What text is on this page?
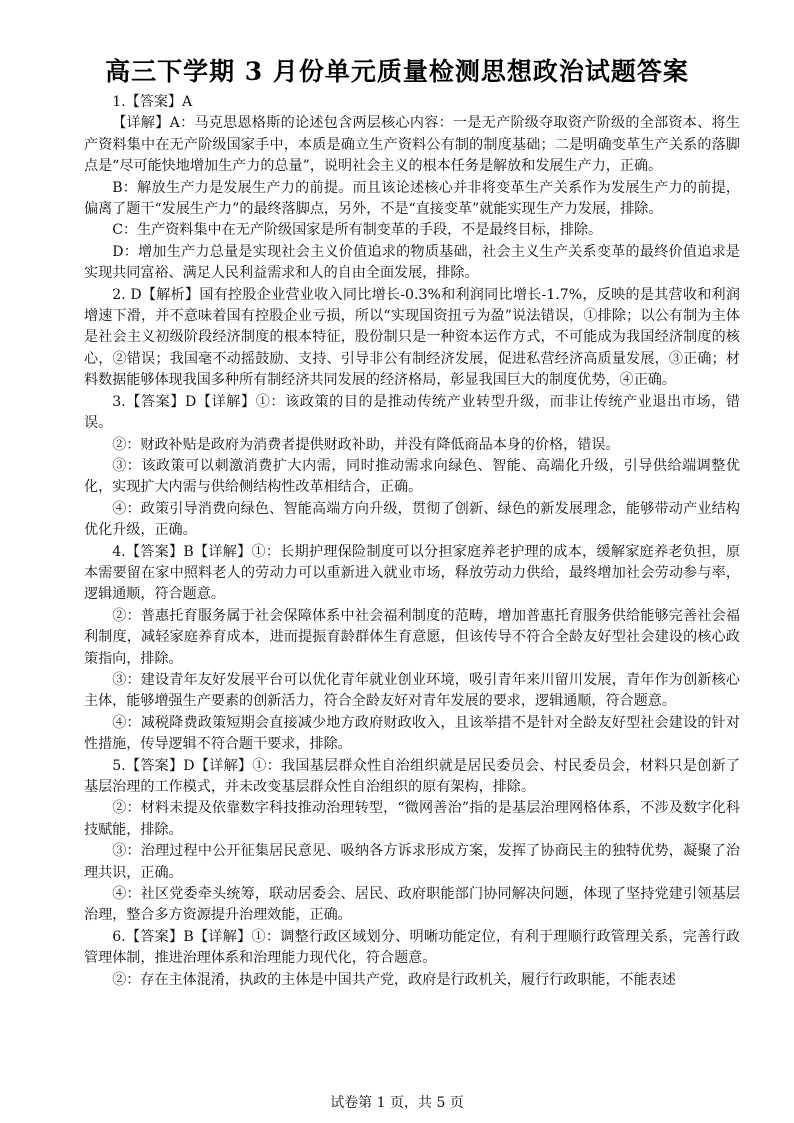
高三下学期 3 月份单元质量检测思想政治试题答案

1.【答案】A

【详解】A：马克思恩格斯的论述包含两层核心内容：一是无产阶级夺取资产阶级的全部资本、将生产资料集中在无产阶级国家手中，本质是确立生产资料公有制的制度基础；二是明确变革生产关系的落脚点是“尽可能快地增加生产力的总量”，说明社会主义的根本任务是解放和发展生产力，正确。

B：解放生产力是发展生产力的前提。而且该论述核心并非将变革生产关系作为发展生产力的前提，偏离了题干“发展生产力”的最终落脚点，另外，不是“直接变革”就能实现生产力发展，排除。

C：生产资料集中在无产阶级国家是所有制变革的手段，不是最终目标，排除。

D：增加生产力总量是实现社会主义价值追求的物质基础，社会主义生产关系变革的最终价值追求是实现共同富裕、满足人民利益需求和人的自由全面发展，排除。

2. D【解析】国有控股企业营业收入同比增长-0.3%和利润同比增长-1.7%，反映的是其营收和利润增速下滑，并不意味着国有控股企业亏损，所以“实现国资扭亏为盈”说法错误，①排除；以公有制为主体是社会主义初级阶段经济制度的根本特征，股份制只是一种资本运作方式，不可能成为我国经济制度的核心，②错误；我国毫不动摇鼓励、支持、引导非公有制经济发展，促进私营经济高质量发展，③正确；材料数据能够体现我国多种所有制经济共同发展的经济格局，彰显我国巨大的制度优势，④正确。

3.【答案】D【详解】①：该政策的目的是推动传统产业转型升级，而非让传统产业退出市场，错误。

②：财政补贴是政府为消费者提供财政补助，并没有降低商品本身的价格，错误。

③：该政策可以刺激消费扩大内需，同时推动需求向绿色、智能、高端化升级，引导供给端调整优化，实现扩大内需与供给侧结构性改革相结合，正确。

④：政策引导消费向绿色、智能高端方向升级，贯彻了创新、绿色的新发展理念，能够带动产业结构优化升级，正确。

4.【答案】B【详解】①：长期护理保险制度可以分担家庭养老护理的成本，缓解家庭养老负担，原本需要留在家中照料老人的劳动力可以重新进入就业市场，释放劳动力供给，最终增加社会劳动参与率，逻辑通顺，符合题意。

②：普惠托育服务属于社会保障体系中社会福利制度的范畴，增加普惠托育服务供给能够完善社会福利制度，减轻家庭养育成本，进而提振育龄群体生育意愿，但该传导不符合全龄友好型社会建设的核心政策指向，排除。

③：建设青年友好发展平台可以优化青年就业创业环境，吸引青年来川留川发展，青年作为创新核心主体，能够增强生产要素的创新活力，符合全龄友好对青年发展的要求，逻辑通顺，符合题意。

④：减税降费政策短期会直接减少地方政府财政收入，且该举措不是针对全龄友好型社会建设的针对性措施，传导逻辑不符合题干要求，排除。

5.【答案】D【详解】①：我国基层群众性自治组织就是居民委员会、村民委员会，材料只是创新了基层治理的工作模式，并未改变基层群众性自治组织的原有架构，排除。

②：材料未提及依靠数字科技推动治理转型，“微网善治”指的是基层治理网格体系，不涉及数字化科技赋能，排除。

③：治理过程中公开征集居民意见、吸纳各方诉求形成方案，发挥了协商民主的独特优势，凝聚了治理共识，正确。

④：社区党委牵头统筹，联动居委会、居民、政府职能部门协同解决问题，体现了坚持党建引领基层治理，整合多方资源提升治理效能，正确。

6.【答案】B【详解】①：调整行政区域划分、明晰功能定位，有利于理顺行政管理关系，完善行政管理体制，推进治理体系和治理能力现代化，符合题意。

②：存在主体混淆，执政的主体是中国共产党，政府是行政机关，履行行政职能，不能表述

试卷第 1 页，共 5 页
